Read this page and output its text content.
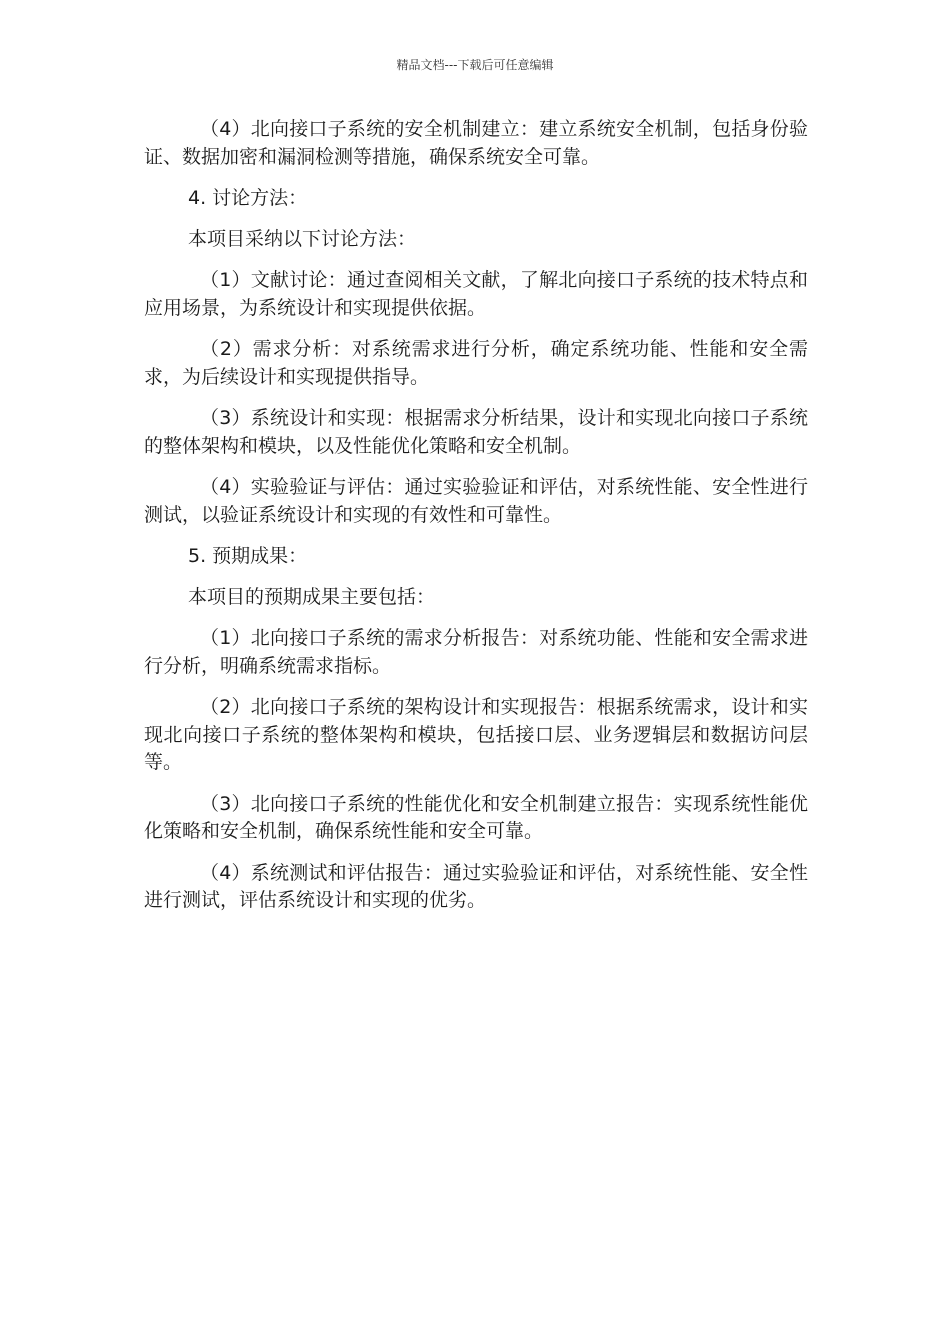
精品文档---下载后可任意编辑

（4）北向接口子系统的安全机制建立：建立系统安全机制，包括身份验证、数据加密和漏洞检测等措施，确保系统安全可靠。

4. 讨论方法：

本项目采纳以下讨论方法：

（1）文献讨论：通过查阅相关文献，了解北向接口子系统的技术特点和应用场景，为系统设计和实现提供依据。

（2）需求分析：对系统需求进行分析，确定系统功能、性能和安全需求，为后续设计和实现提供指导。

（3）系统设计和实现：根据需求分析结果，设计和实现北向接口子系统的整体架构和模块，以及性能优化策略和安全机制。

（4）实验验证与评估：通过实验验证和评估，对系统性能、安全性进行测试，以验证系统设计和实现的有效性和可靠性。

5. 预期成果：

本项目的预期成果主要包括：

（1）北向接口子系统的需求分析报告：对系统功能、性能和安全需求进行分析，明确系统需求指标。

（2）北向接口子系统的架构设计和实现报告：根据系统需求，设计和实现北向接口子系统的整体架构和模块，包括接口层、业务逻辑层和数据访问层等。

（3）北向接口子系统的性能优化和安全机制建立报告：实现系统性能优化策略和安全机制，确保系统性能和安全可靠。

（4）系统测试和评估报告：通过实验验证和评估，对系统性能、安全性进行测试，评估系统设计和实现的优劣。
